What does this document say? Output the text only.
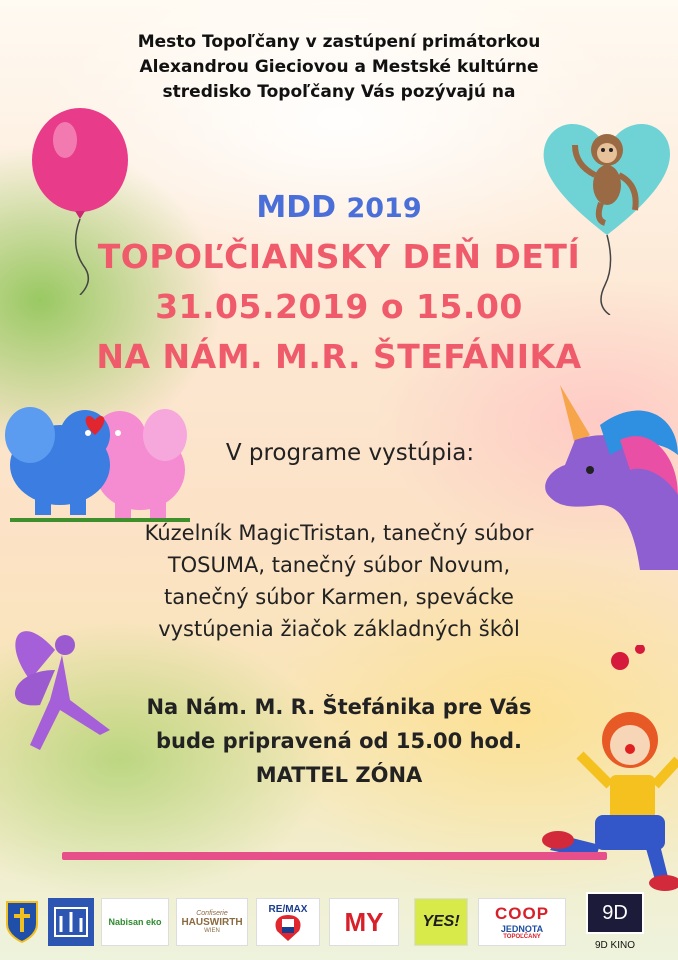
Mesto Topoľčany v zastúpení primátorkou
Alexandrou Gieciovou a Mestské kultúrne
stredisko Topoľčany Vás pozývajú na
MDD 2019
TOPOĽČIANSKY DEŇ DETÍ
31.05.2019 o 15.00
NA NÁM. M.R. ŠTEFÁNIKA
V programe vystúpia:
Kúzelník MagicTristan, tanečný súbor
TOSUMA, tanečný súbor Novum,
tanečný súbor Karmen, spevácke
vystúpenia žiačok základných škôl
Na Nám. M. R. Štefánika pre Vás
bude pripravená od 15.00 hod.
MATTEL ZÓNA
Nabisan eko
Confiserie
HAUSWIRTH
WIEN
RE/MAX MY YES! COOP
JEDNOTA
TOPOĽČANY
9D
9D KINO
